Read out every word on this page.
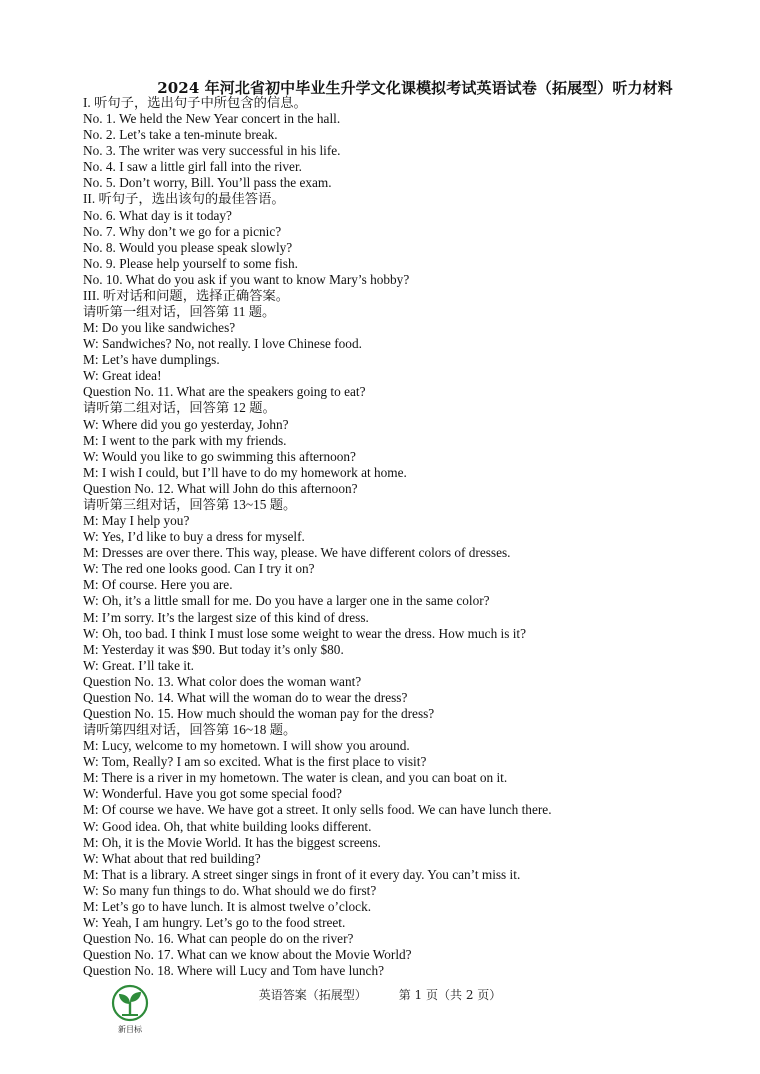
2024 年河北省初中毕业生升学文化课模拟考试英语试卷（拓展型）听力材料
I. 听句子，选出句子中所包含的信息。
No. 1. We held the New Year concert in the hall.
No. 2. Let’s take a ten-minute break.
No. 3. The writer was very successful in his life.
No. 4. I saw a little girl fall into the river.
No. 5. Don’t worry, Bill. You’ll pass the exam.
II. 听句子，选出该句的最佳答语。
No. 6. What day is it today?
No. 7. Why don’t we go for a picnic?
No. 8. Would you please speak slowly?
No. 9. Please help yourself to some fish.
No. 10. What do you ask if you want to know Mary’s hobby?
III. 听对话和问题，选择正确答案。
请听第一组对话，回答第 11 题。
M: Do you like sandwiches?
W: Sandwiches? No, not really. I love Chinese food.
M: Let’s have dumplings.
W: Great idea!
Question No. 11. What are the speakers going to eat?
请听第二组对话，回答第 12 题。
W: Where did you go yesterday, John?
M: I went to the park with my friends.
W: Would you like to go swimming this afternoon?
M: I wish I could, but I’ll have to do my homework at home.
Question No. 12. What will John do this afternoon?
请听第三组对话，回答第 13~15 题。
M: May I help you?
W: Yes, I’d like to buy a dress for myself.
M: Dresses are over there. This way, please. We have different colors of dresses.
W: The red one looks good. Can I try it on?
M: Of course. Here you are.
W: Oh, it’s a little small for me. Do you have a larger one in the same color?
M: I’m sorry. It’s the largest size of this kind of dress.
W: Oh, too bad. I think I must lose some weight to wear the dress. How much is it?
M: Yesterday it was $90. But today it’s only $80.
W: Great. I’ll take it.
Question No. 13. What color does the woman want?
Question No. 14. What will the woman do to wear the dress?
Question No. 15. How much should the woman pay for the dress?
请听第四组对话，回答第 16~18 题。
M: Lucy, welcome to my hometown. I will show you around.
W: Tom, Really? I am so excited. What is the first place to visit?
M: There is a river in my hometown. The water is clean, and you can boat on it.
W: Wonderful. Have you got some special food?
M: Of course we have. We have got a street. It only sells food. We can have lunch there.
W: Good idea. Oh, that white building looks different.
M: Oh, it is the Movie World. It has the biggest screens.
W: What about that red building?
M: That is a library. A street singer sings in front of it every day. You can’t miss it.
W: So many fun things to do. What should we do first?
M: Let’s go to have lunch. It is almost twelve o’clock.
W: Yeah, I am hungry. Let’s go to the food street.
Question No. 16. What can people do on the river?
Question No. 17. What can we know about the Movie World?
Question No. 18. Where will Lucy and Tom have lunch?
新目标
英语答案（拓展型）	第 1 页（共 2 页）
